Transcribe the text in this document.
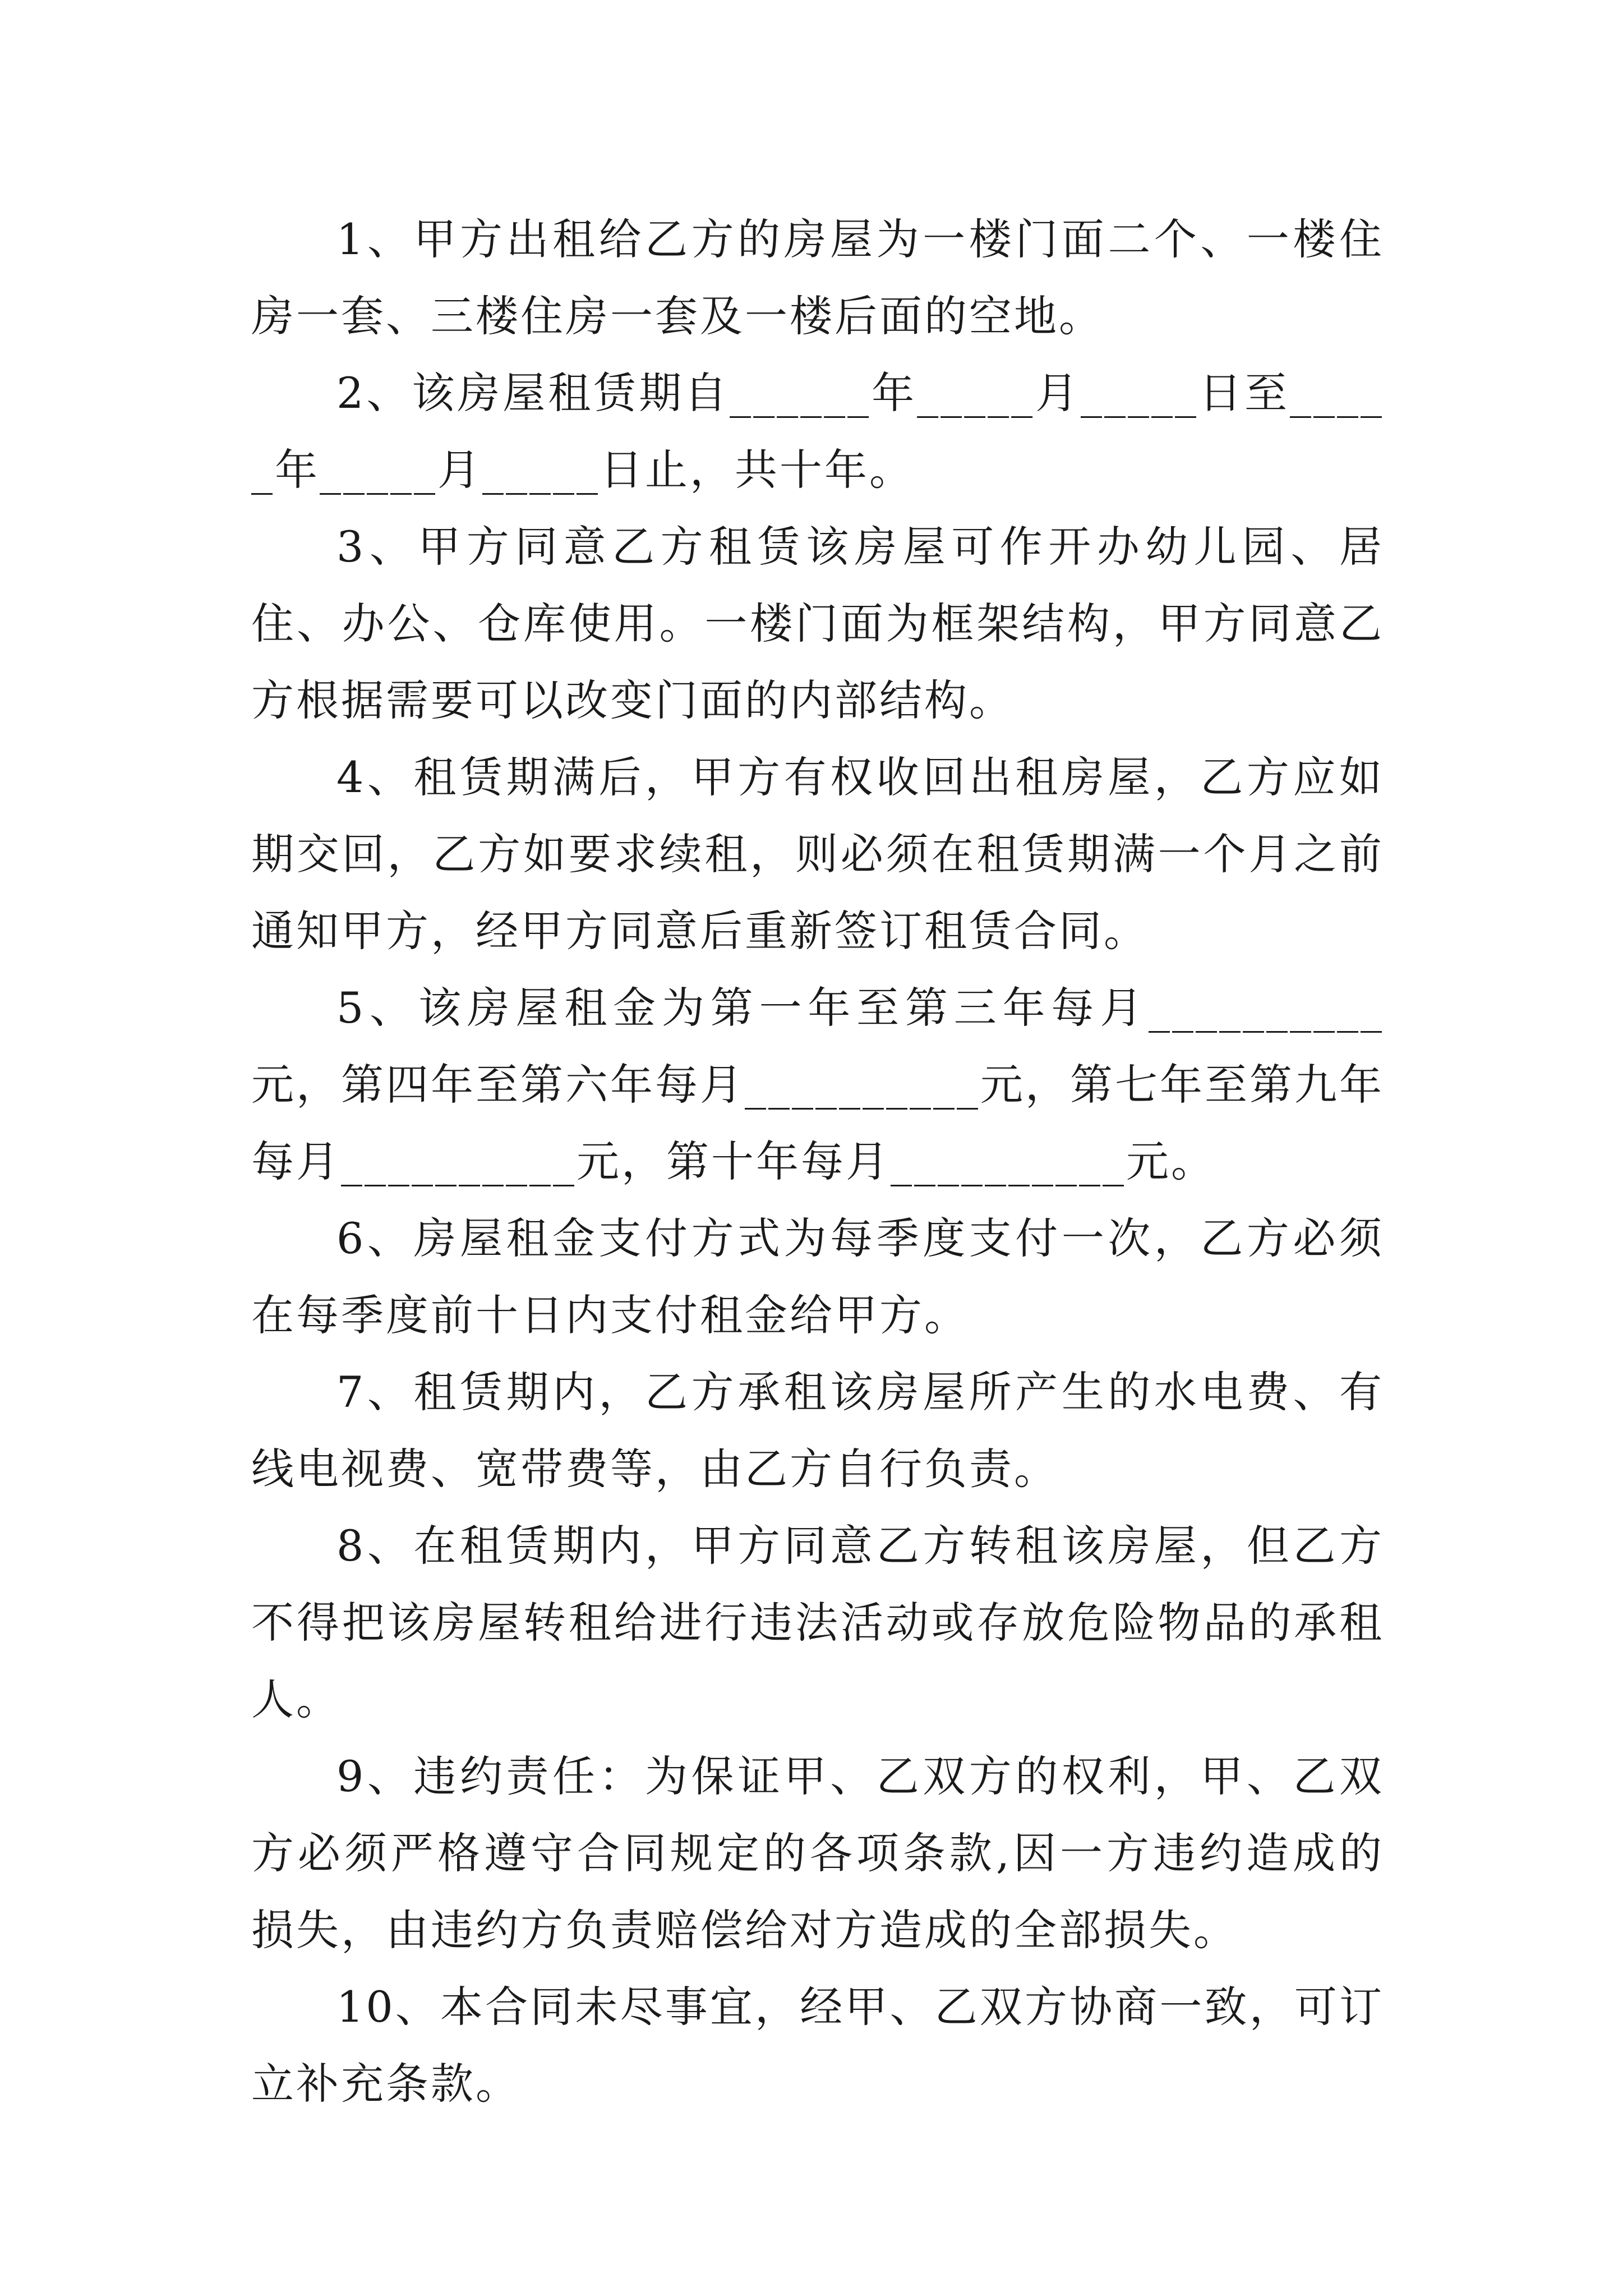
1、甲方出租给乙方的房屋为一楼门面二个、一楼住房一套、三楼住房一套及一楼后面的空地。

2、该房屋租赁期自______年_____月_____日至_____年_____月_____日止，共十年。

3、甲方同意乙方租赁该房屋可作开办幼儿园、居住、办公、仓库使用。一楼门面为框架结构，甲方同意乙方根据需要可以改变门面的内部结构。

4、租赁期满后，甲方有权收回出租房屋，乙方应如期交回，乙方如要求续租，则必须在租赁期满一个月之前通知甲方，经甲方同意后重新签订租赁合同。

5、该房屋租金为第一年至第三年每月__________元，第四年至第六年每月__________元，第七年至第九年每月__________元，第十年每月__________元。

6、房屋租金支付方式为每季度支付一次，乙方必须在每季度前十日内支付租金给甲方。

7、租赁期内，乙方承租该房屋所产生的水电费、有线电视费、宽带费等，由乙方自行负责。

8、在租赁期内，甲方同意乙方转租该房屋，但乙方不得把该房屋转租给进行违法活动或存放危险物品的承租人。

9、违约责任：为保证甲、乙双方的权利，甲、乙双方必须严格遵守合同规定的各项条款,因一方违约造成的损失，由违约方负责赔偿给对方造成的全部损失。

10、本合同未尽事宜，经甲、乙双方协商一致，可订立补充条款。
